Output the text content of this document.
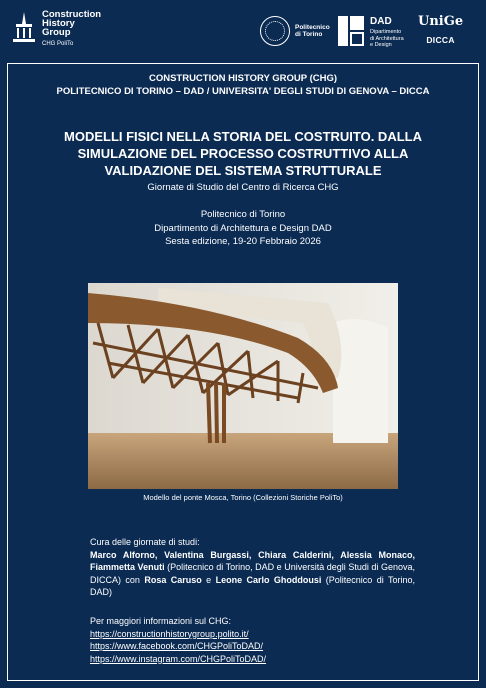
Construction
History
Group
CHG PoliTo
Politecnico
di Torino
DAD
Dipartimento
di Architettura
e Design
UniGe
DICCA
CONSTRUCTION HISTORY GROUP (CHG)
POLITECNICO DI TORINO – DAD / UNIVERSITA' DEGLI STUDI DI GENOVA – DICCA
MODELLI FISICI NELLA STORIA DEL COSTRUITO. DALLA
SIMULAZIONE DEL PROCESSO COSTRUTTIVO ALLA
VALIDAZIONE DEL SISTEMA STRUTTURALE
Giornate di Studio del Centro di Ricerca CHG
Politecnico di Torino
Dipartimento di Architettura e Design DAD
Sesta edizione, 19-20 Febbraio 2026
Modello del ponte Mosca, Torino (Collezioni Storiche PoliTo)
Cura delle giornate di studi:
Marco Alforno, Valentina Burgassi, Chiara Calderini, Alessia Monaco, Fiammetta Venuti (Politecnico di Torino, DAD e Università degli Studi di Genova, DICCA) con Rosa Caruso e Leone Carlo Ghoddousi (Politecnico di Torino, DAD)
Per maggiori informazioni sul CHG:
https://constructionhistorygroup.polito.it/
https://www.facebook.com/CHGPoliToDAD/
https://www.instagram.com/CHGPoliToDAD/
